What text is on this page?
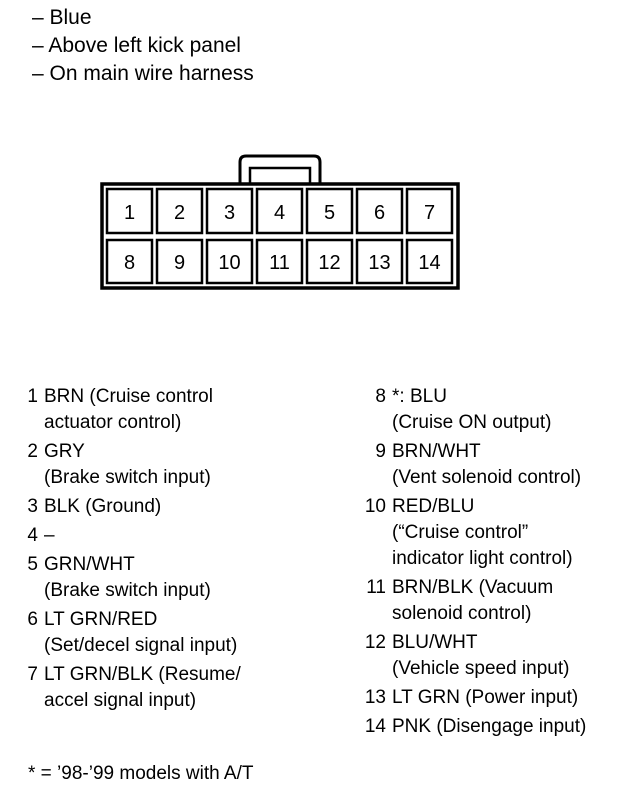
– Blue
– Above left kick panel
– On main wire harness
1 2 3 4 5 6 7
8 9 10 11 12 13 14
1 BRN (Cruise control
actuator control)
2 GRY
(Brake switch input)
3 BLK (Ground)
4 –
5 GRN/WHT
(Brake switch input)
6 LT GRN/RED
(Set/decel signal input)
7 LT GRN/BLK (Resume/
accel signal input)
8 *: BLU
(Cruise ON output)
9 BRN/WHT
(Vent solenoid control)
10 RED/BLU
(“Cruise control”
indicator light control)
11 BRN/BLK (Vacuum
solenoid control)
12 BLU/WHT
(Vehicle speed input)
13 LT GRN (Power input)
14 PNK (Disengage input)
* = ’98-’99 models with A/T
